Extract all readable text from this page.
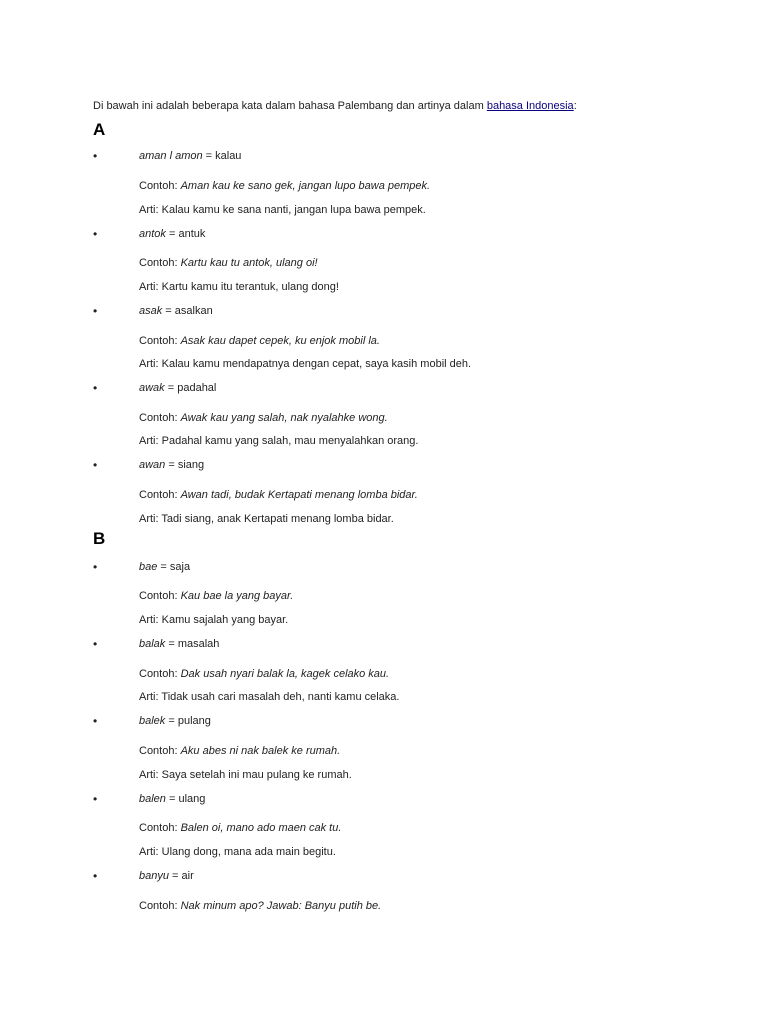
Di bawah ini adalah beberapa kata dalam bahasa Palembang dan artinya dalam bahasa Indonesia:

A
•	aman l amon = kalau

Contoh: Aman kau ke sano gek, jangan lupo bawa pempek.

Arti: Kalau kamu ke sana nanti, jangan lupa bawa pempek.

•	antok = antuk

Contoh: Kartu kau tu antok, ulang oi!

Arti: Kartu kamu itu terantuk, ulang dong!

•	asak = asalkan

Contoh: Asak kau dapet cepek, ku enjok mobil la.

Arti: Kalau kamu mendapatnya dengan cepat, saya kasih mobil deh.

•	awak = padahal

Contoh: Awak kau yang salah, nak nyalahke wong.

Arti: Padahal kamu yang salah, mau menyalahkan orang.

•	awan = siang

Contoh: Awan tadi, budak Kertapati menang lomba bidar.

Arti: Tadi siang, anak Kertapati menang lomba bidar.

B
•	bae = saja

Contoh: Kau bae la yang bayar.

Arti: Kamu sajalah yang bayar.

•	balak = masalah

Contoh: Dak usah nyari balak la, kagek celako kau.

Arti: Tidak usah cari masalah deh, nanti kamu celaka.

•	balek = pulang

Contoh: Aku abes ni nak balek ke rumah.

Arti: Saya setelah ini mau pulang ke rumah.

•	balen = ulang

Contoh: Balen oi, mano ado maen cak tu.

Arti: Ulang dong, mana ada main begitu.

•	banyu = air

Contoh: Nak minum apo? Jawab: Banyu putih be.
